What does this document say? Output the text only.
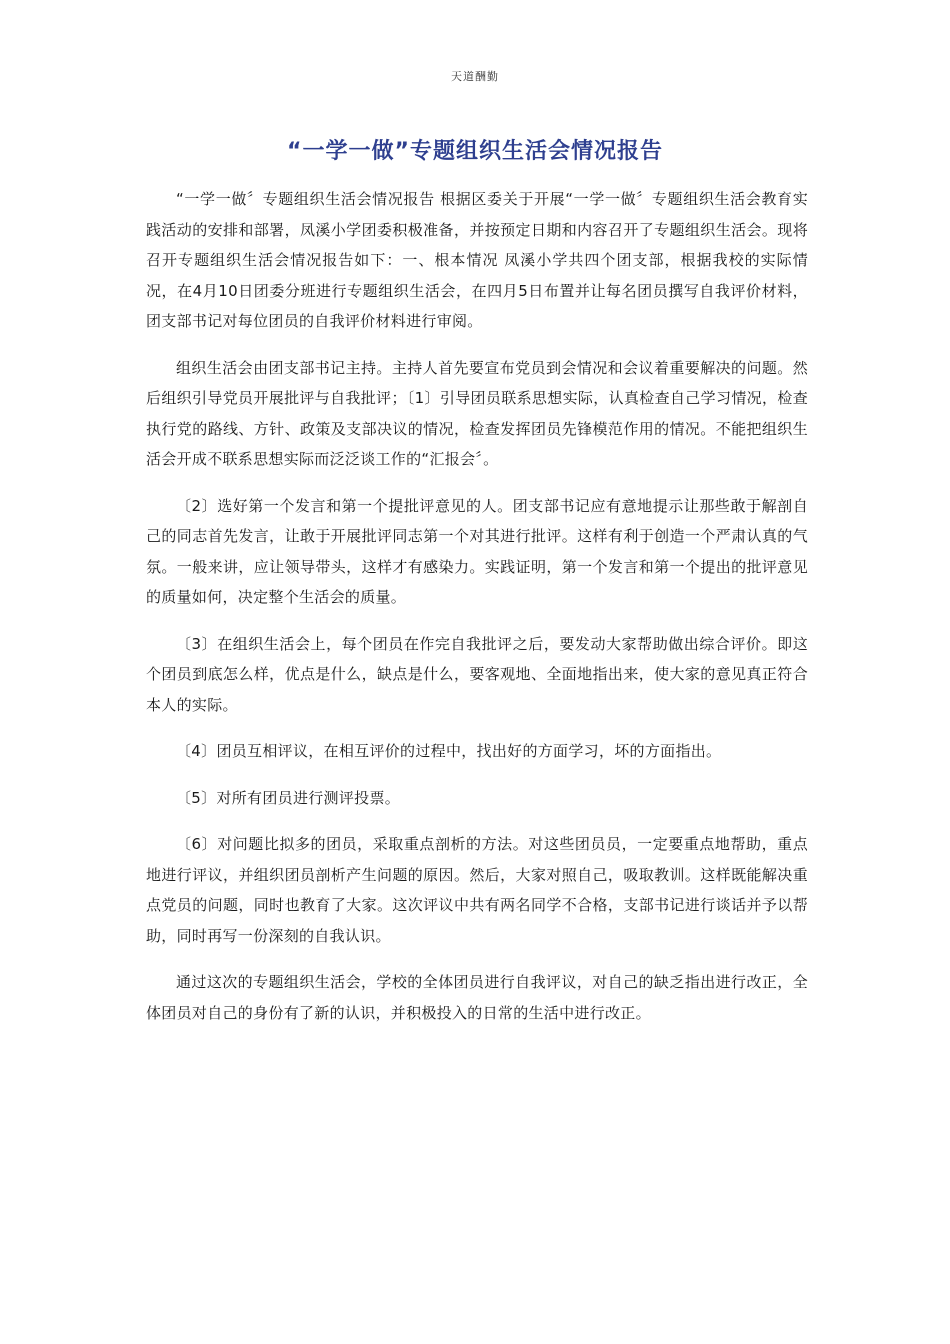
天道酬勤
“一学一做”专题组织生活会情况报告

“一学一做〞专题组织生活会情况报告 根据区委关于开展“一学一做〞专题组织生活会教育实践活动的安排和部署，凤溪小学团委积极准备，并按预定日期和内容召开了专题组织生活会。现将召开专题组织生活会情况报告如下：一、根本情况 凤溪小学共四个团支部，根据我校的实际情况，在4月10日团委分班进行专题组织生活会，在四月5日布置并让每名团员撰写自我评价材料，团支部书记对每位团员的自我评价材料进行审阅。

组织生活会由团支部书记主持。主持人首先要宣布党员到会情况和会议着重要解决的问题。然后组织引导党员开展批评与自我批评；〔1〕引导团员联系思想实际，认真检查自己学习情况，检查执行党的路线、方针、政策及支部决议的情况，检查发挥团员先锋模范作用的情况。不能把组织生活会开成不联系思想实际而泛泛谈工作的“汇报会〞。

〔2〕选好第一个发言和第一个提批评意见的人。团支部书记应有意地提示让那些敢于解剖自己的同志首先发言，让敢于开展批评同志第一个对其进行批评。这样有利于创造一个严肃认真的气氛。一般来讲，应让领导带头，这样才有感染力。实践证明，第一个发言和第一个提出的批评意见的质量如何，决定整个生活会的质量。

〔3〕在组织生活会上，每个团员在作完自我批评之后，要发动大家帮助做出综合评价。即这个团员到底怎么样，优点是什么，缺点是什么，要客观地、全面地指出来，使大家的意见真正符合本人的实际。

〔4〕团员互相评议，在相互评价的过程中，找出好的方面学习，坏的方面指出。

〔5〕对所有团员进行测评投票。

〔6〕对问题比拟多的团员，采取重点剖析的方法。对这些团员员，一定要重点地帮助，重点地进行评议，并组织团员剖析产生问题的原因。然后，大家对照自己，吸取教训。这样既能解决重点党员的问题，同时也教育了大家。这次评议中共有两名同学不合格，支部书记进行谈话并予以帮助，同时再写一份深刻的自我认识。

通过这次的专题组织生活会，学校的全体团员进行自我评议，对自己的缺乏指出进行改正，全体团员对自己的身份有了新的认识，并积极投入的日常的生活中进行改正。
